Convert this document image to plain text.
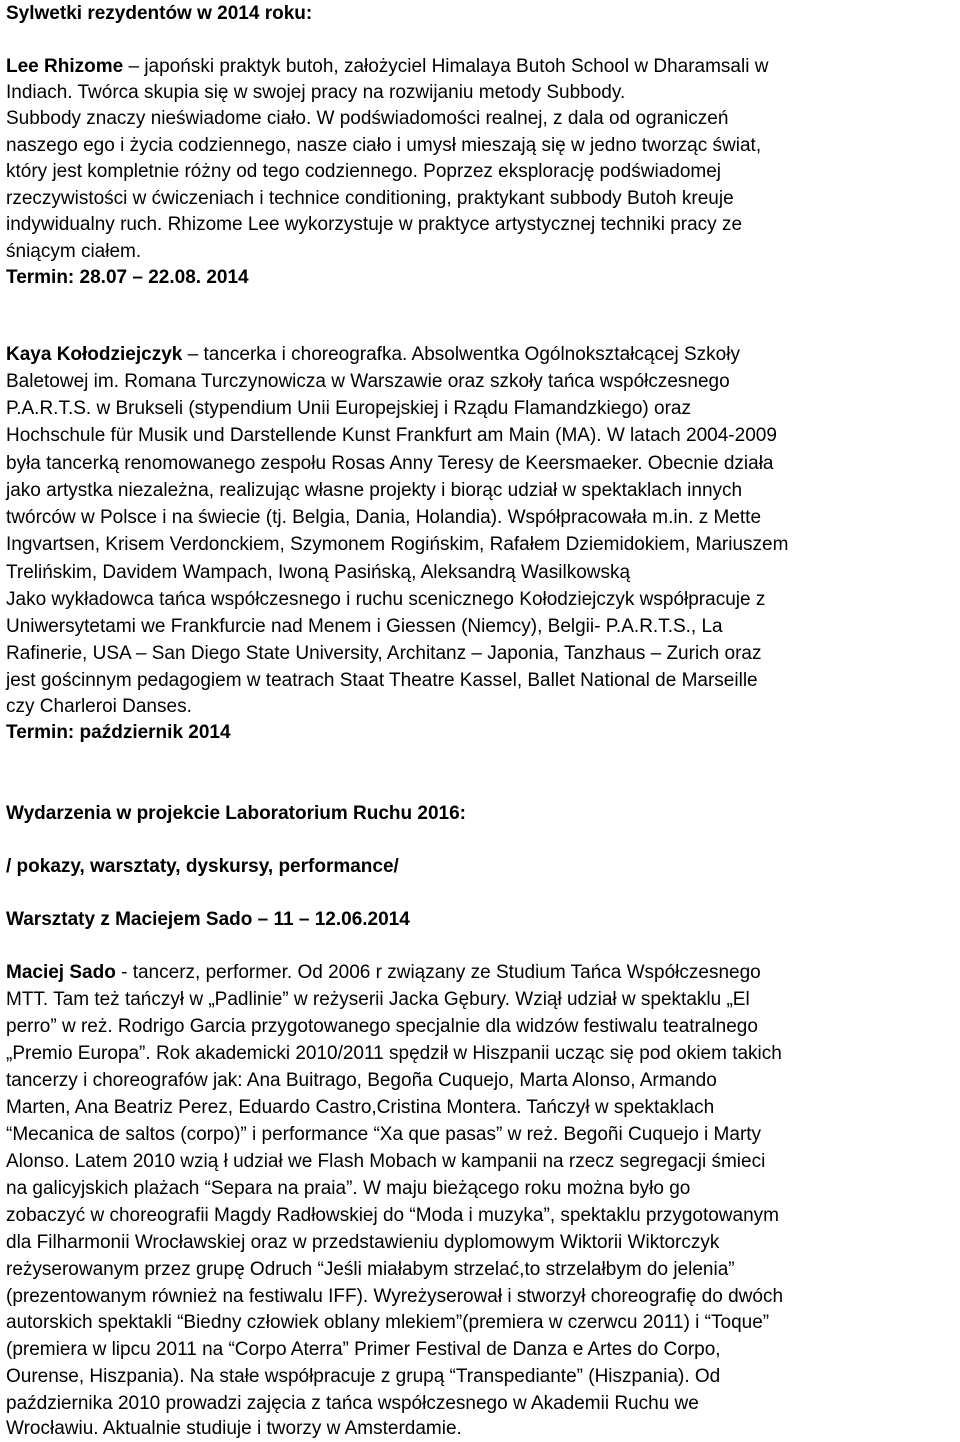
Sylwetki rezydentów w 2014 roku:
Lee Rhizome – japoński praktyk butoh, założyciel Himalaya Butoh School w Dharamsali w
Indiach. Twórca skupia się w swojej pracy na rozwijaniu metody Subbody.
Subbody znaczy nieświadome ciało. W podświadomości realnej, z dala od ograniczeń
naszego ego i życia codziennego, nasze ciało i umysł mieszają się w jedno tworząc świat,
który jest kompletnie różny od tego codziennego. Poprzez eksplorację podświadomej
rzeczywistości w ćwiczeniach i technice conditioning, praktykant subbody Butoh kreuje
indywidualny ruch. Rhizome Lee wykorzystuje w praktyce artystycznej techniki pracy ze
śniącym ciałem.
Termin: 28.07 – 22.08. 2014
Kaya Kołodziejczyk – tancerka i choreografka. Absolwentka Ogólnokształcącej Szkoły
Baletowej im. Romana Turczynowicza w Warszawie oraz szkoły tańca współczesnego
P.A.R.T.S. w Brukseli (stypendium Unii Europejskiej i Rządu Flamandzkiego) oraz
Hochschule für Musik und Darstellende Kunst Frankfurt am Main (MA). W latach 2004-2009
była tancerką renomowanego zespołu Rosas Anny Teresy de Keersmaeker. Obecnie działa
jako artystka niezależna, realizując własne projekty i biorąc udział w spektaklach innych
twórców w Polsce i na świecie (tj. Belgia, Dania, Holandia). Współpracowała m.in. z Mette
Ingvartsen, Krisem Verdonckiem, Szymonem Rogińskim, Rafałem Dziemidokiem, Mariuszem
Trelińskim, Davidem Wampach, Iwoną Pasińską, Aleksandrą Wasilkowską
Jako wykładowca tańca współczesnego i ruchu scenicznego Kołodziejczyk współpracuje z
Uniwersytetami we Frankfurcie nad Menem i Giessen (Niemcy), Belgii- P.A.R.T.S., La
Rafinerie, USA – San Diego State University, Architanz – Japonia, Tanzhaus – Zurich oraz
jest gościnnym pedagogiem w teatrach Staat Theatre Kassel, Ballet National de Marseille
czy Charleroi Danses.
Termin: październik 2014
Wydarzenia w projekcie Laboratorium Ruchu 2016:
/ pokazy, warsztaty, dyskursy, performance/
Warsztaty z Maciejem Sado – 11 – 12.06.2014
Maciej Sado - tancerz, performer. Od 2006 r związany ze Studium Tańca Współczesnego
MTT. Tam też tańczył w „Padlinie” w reżyserii Jacka Gębury. Wziął udział w spektaklu „El
perro” w reż. Rodrigo Garcia przygotowanego specjalnie dla widzów festiwalu teatralnego
„Premio Europa”. Rok akademicki 2010/2011 spędził w Hiszpanii ucząc się pod okiem takich
tancerzy i choreografów jak: Ana Buitrago, Begoña Cuquejo, Marta Alonso, Armando
Marten, Ana Beatriz Perez, Eduardo Castro,Cristina Montera. Tańczył w spektaklach
“Mecanica de saltos (corpo)” i performance “Xa que pasas” w reż. Begoñi Cuquejo i Marty
Alonso. Latem 2010 wzią ł udział we Flash Mobach w kampanii na rzecz segregacji śmieci
na galicyjskich plażach “Separa na praia”. W maju bieżącego roku można było go
zobaczyć w choreografii Magdy Radłowskiej do “Moda i muzyka”, spektaklu przygotowanym
dla Filharmonii Wrocławskiej oraz w przedstawieniu dyplomowym Wiktorii Wiktorczyk
reżyserowanym przez grupę Odruch “Jeśli miałabym strzelać,to strzelałbym do jelenia”
(prezentowanym również na festiwalu IFF). Wyreżyserował i stworzył choreografię do dwóch
autorskich spektakli “Biedny człowiek oblany mlekiem”(premiera w czerwcu 2011) i “Toque”
(premiera w lipcu 2011 na “Corpo Aterra” Primer Festival de Danza e Artes do Corpo,
Ourense, Hiszpania). Na stałe współpracuje z grupą “Transpediante” (Hiszpania). Od
października 2010 prowadzi zajęcia z tańca współczesnego w Akademii Ruchu we
Wrocławiu. Aktualnie studiuje i tworzy w Amsterdamie.
